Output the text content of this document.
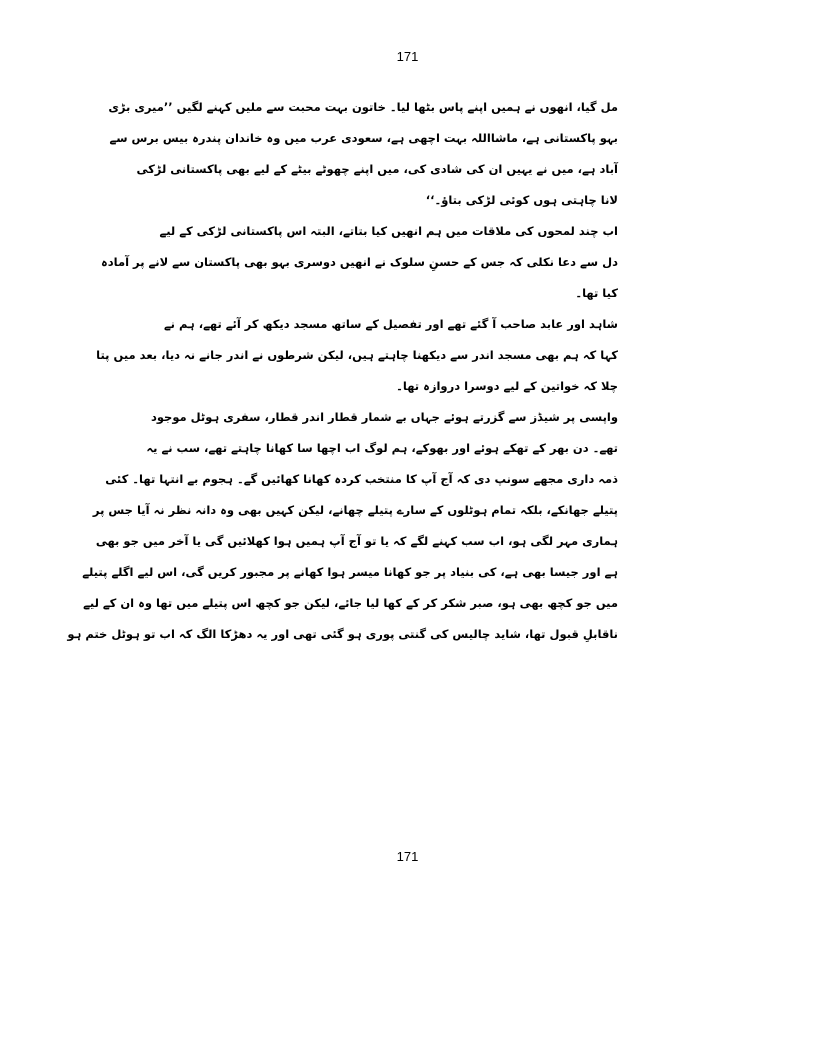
171
مل گیا، انھوں نے ہمیں اپنے پاس بٹھا لیا۔ خاتون بہت محبت سے ملیں کہنے لگیں ’’میری بڑی
بہو پاکستانی ہے، ماشااللہ بہت اچھی ہے، سعودی عرب میں وہ خاندان پندرہ بیس برس سے
آباد ہے، میں نے یہیں ان کی شادی کی، میں اپنے چھوٹے بیٹے کے لیے بھی پاکستانی لڑکی
لانا چاہتی ہوں کوئی لڑکی بتاؤ۔‘‘
اب چند لمحوں کی ملاقات میں ہم انھیں کیا بتاتے، البتہ اس پاکستانی لڑکی کے لیے
دل سے دعا نکلی کہ جس کے حسنِ سلوک نے انھیں دوسری بہو بھی پاکستان سے لانے پر آمادہ
کیا تھا۔
شاہد اور عابد صاحب آ گئے تھے اور تفصیل کے ساتھ مسجد دیکھ کر آئے تھے، ہم نے
کہا کہ ہم بھی مسجد اندر سے دیکھنا چاہتے ہیں، لیکن شرطوں نے اندر جانے نہ دیا، بعد میں پتا
چلا کہ خواتین کے لیے دوسرا دروازہ تھا۔
واپسی پر شیڈز سے گزرتے ہوئے جہاں بے شمار قطار اندر قطار، سفری ہوٹل موجود
تھے۔ دن بھر کے تھکے ہوئے اور بھوکے، ہم لوگ اب اچھا سا کھانا چاہتے تھے، سب نے یہ
ذمہ داری مجھے سونپ دی کہ آج آپ کا منتخب کردہ کھانا کھائیں گے۔ ہجوم بے انتہا تھا۔ کئی
پتیلے جھانکے، بلکہ تمام ہوٹلوں کے سارے پتیلے چھانے، لیکن کہیں بھی وہ دانہ نظر نہ آیا جس پر
ہماری مہر لگی ہو، اب سب کہنے لگے کہ یا تو آج آپ ہمیں ہوا کھلائیں گی یا آخر میں جو بھی
ہے اور جیسا بھی ہے، کی بنیاد پر جو کھانا میسر ہوا کھانے پر مجبور کریں گی، اس لیے اگلے پتیلے
میں جو کچھ بھی ہو، صبر شکر کر کے کھا لیا جائے، لیکن جو کچھ اس پتیلے میں تھا وہ ان کے لیے
ناقابلِ قبول تھا، شاید چالیس کی گنتی پوری ہو گئی تھی اور یہ دھڑکا الگ کہ اب تو ہوٹل ختم ہو
171
